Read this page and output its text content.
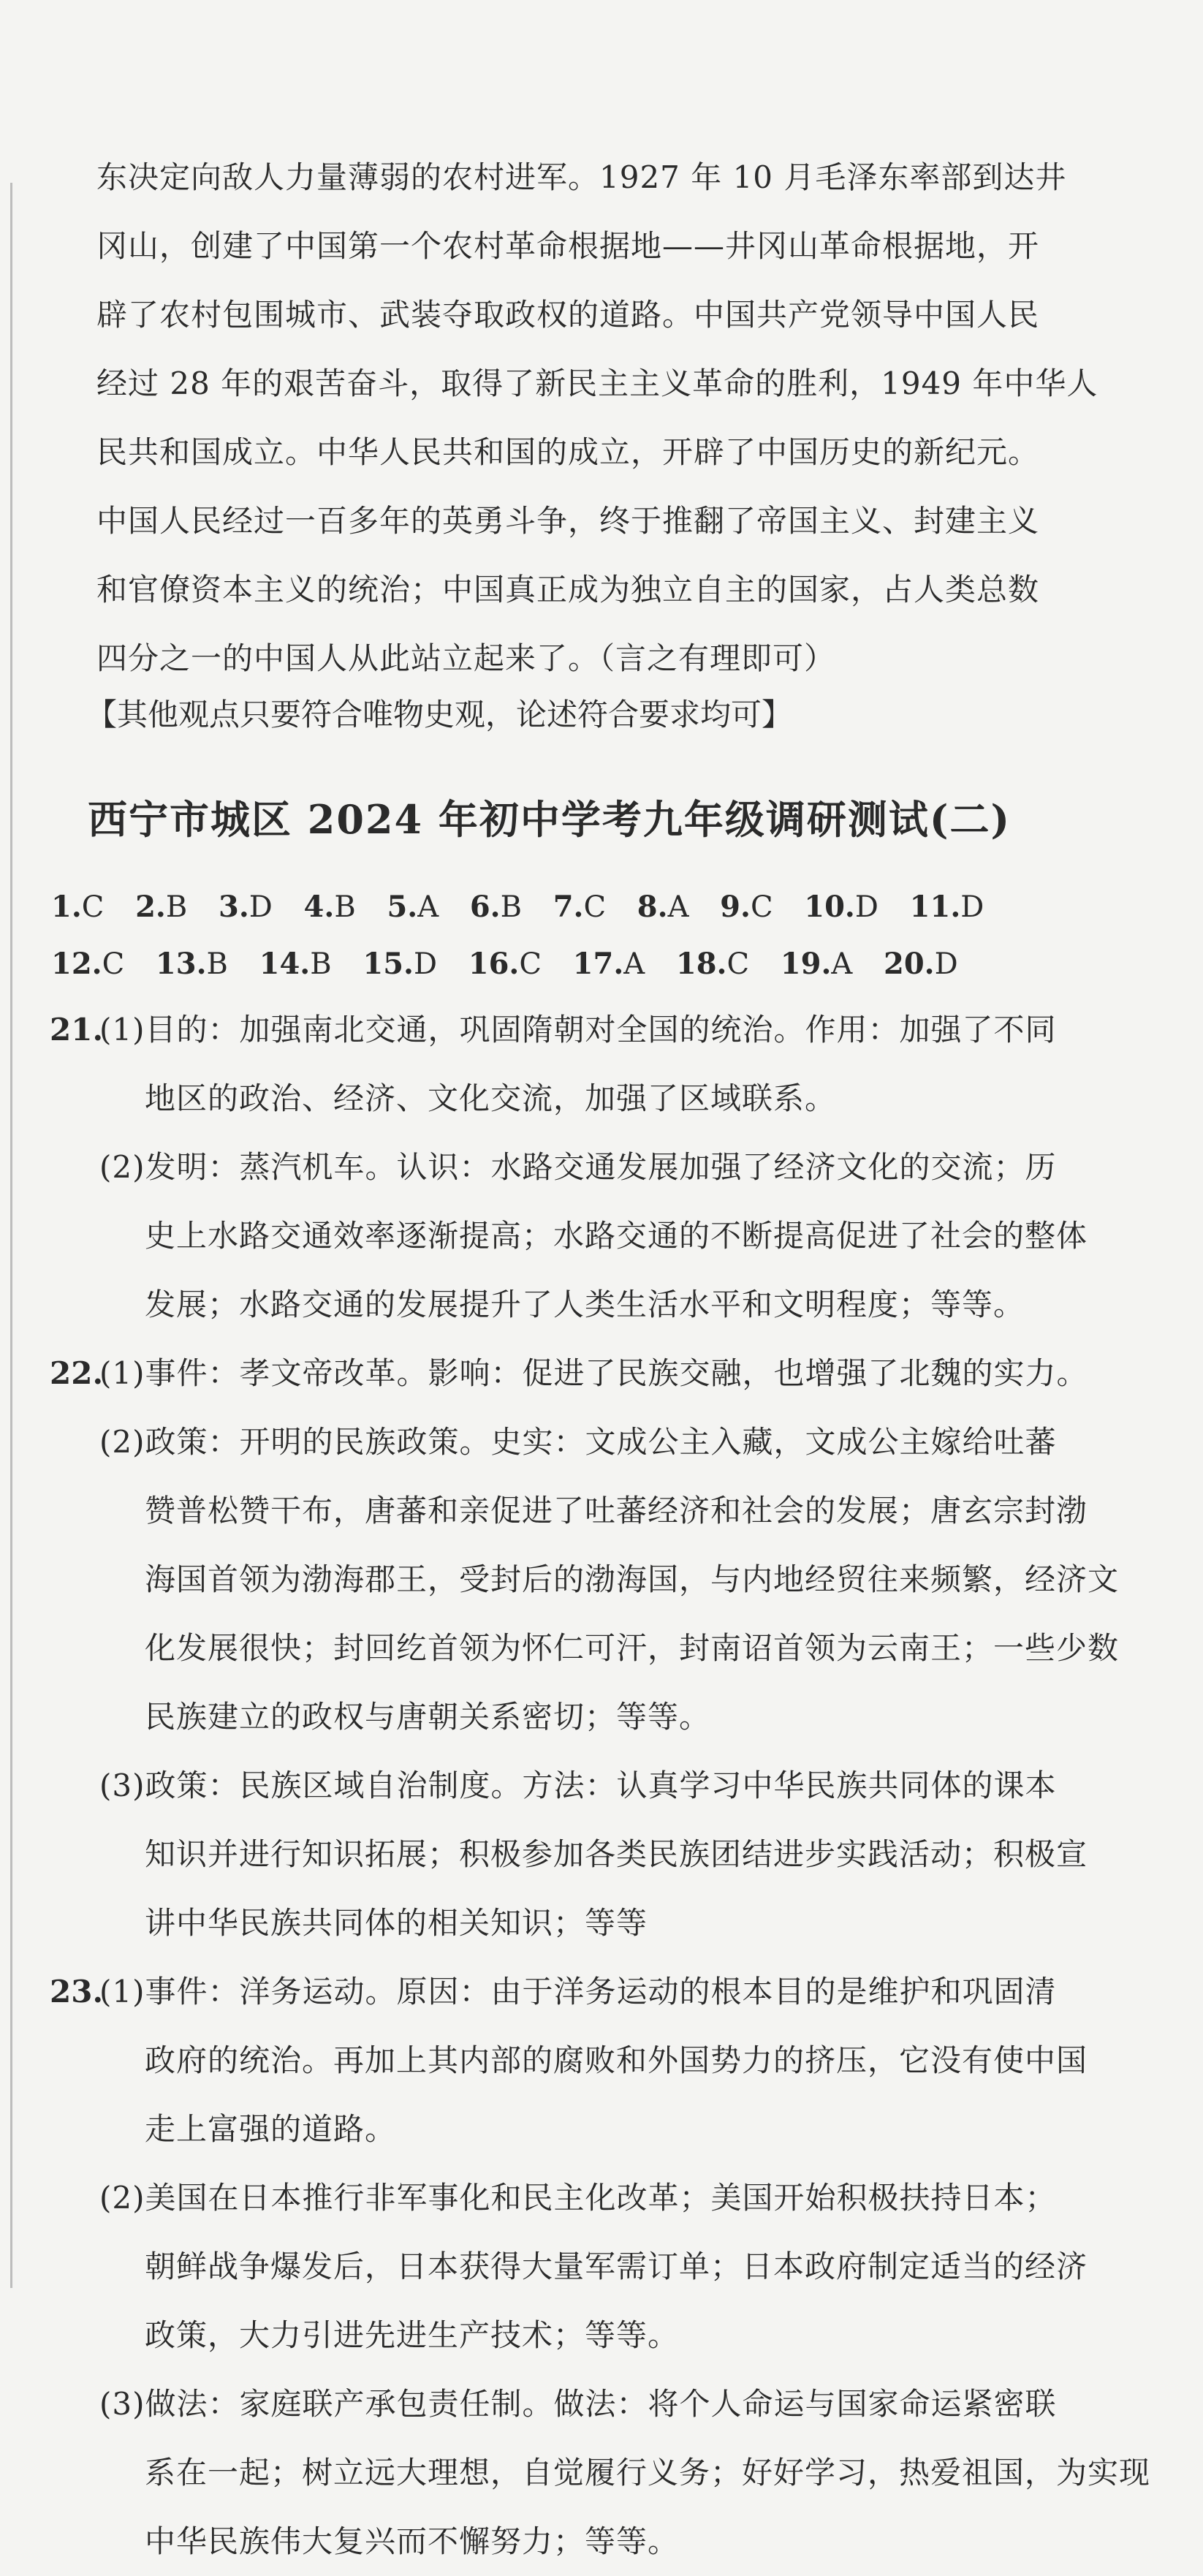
东决定向敌人力量薄弱的农村进军。1927 年 10 月毛泽东率部到达井
冈山，创建了中国第一个农村革命根据地——井冈山革命根据地，开
辟了农村包围城市、武装夺取政权的道路。中国共产党领导中国人民
经过 28 年的艰苦奋斗，取得了新民主主义革命的胜利，1949 年中华人
民共和国成立。中华人民共和国的成立，开辟了中国历史的新纪元。
中国人民经过一百多年的英勇斗争，终于推翻了帝国主义、封建主义
和官僚资本主义的统治；中国真正成为独立自主的国家，占人类总数
四分之一的中国人从此站立起来了。（言之有理即可）
【其他观点只要符合唯物史观，论述符合要求均可】
西宁市城区 2024 年初中学考九年级调研测试(二)
1.C 2.B 3.D 4.B 5.A 6.B 7.C 8.A 9.C 10.D 11.D
12.C 13.B 14.B 15.D 16.C 17.A 18.C 19.A 20.D
21.
(1)目的：加强南北交通，巩固隋朝对全国的统治。作用：加强了不同
地区的政治、经济、文化交流，加强了区域联系。
(2)发明：蒸汽机车。认识：水路交通发展加强了经济文化的交流；历
史上水路交通效率逐渐提高；水路交通的不断提高促进了社会的整体
发展；水路交通的发展提升了人类生活水平和文明程度；等等。
22.
(1)事件：孝文帝改革。影响：促进了民族交融，也增强了北魏的实力。
(2)政策：开明的民族政策。史实：文成公主入藏，文成公主嫁给吐蕃
赞普松赞干布，唐蕃和亲促进了吐蕃经济和社会的发展；唐玄宗封渤
海国首领为渤海郡王，受封后的渤海国，与内地经贸往来频繁，经济文
化发展很快；封回纥首领为怀仁可汗，封南诏首领为云南王；一些少数
民族建立的政权与唐朝关系密切；等等。
(3)政策：民族区域自治制度。方法：认真学习中华民族共同体的课本
知识并进行知识拓展；积极参加各类民族团结进步实践活动；积极宣
讲中华民族共同体的相关知识；等等
23.
(1)事件：洋务运动。原因：由于洋务运动的根本目的是维护和巩固清
政府的统治。再加上其内部的腐败和外国势力的挤压，它没有使中国
走上富强的道路。
(2)美国在日本推行非军事化和民主化改革；美国开始积极扶持日本；
朝鲜战争爆发后，日本获得大量军需订单；日本政府制定适当的经济
政策，大力引进先进生产技术；等等。
(3)做法：家庭联产承包责任制。做法：将个人命运与国家命运紧密联
系在一起；树立远大理想，自觉履行义务；好好学习，热爱祖国，为实现
中华民族伟大复兴而不懈努力；等等。
